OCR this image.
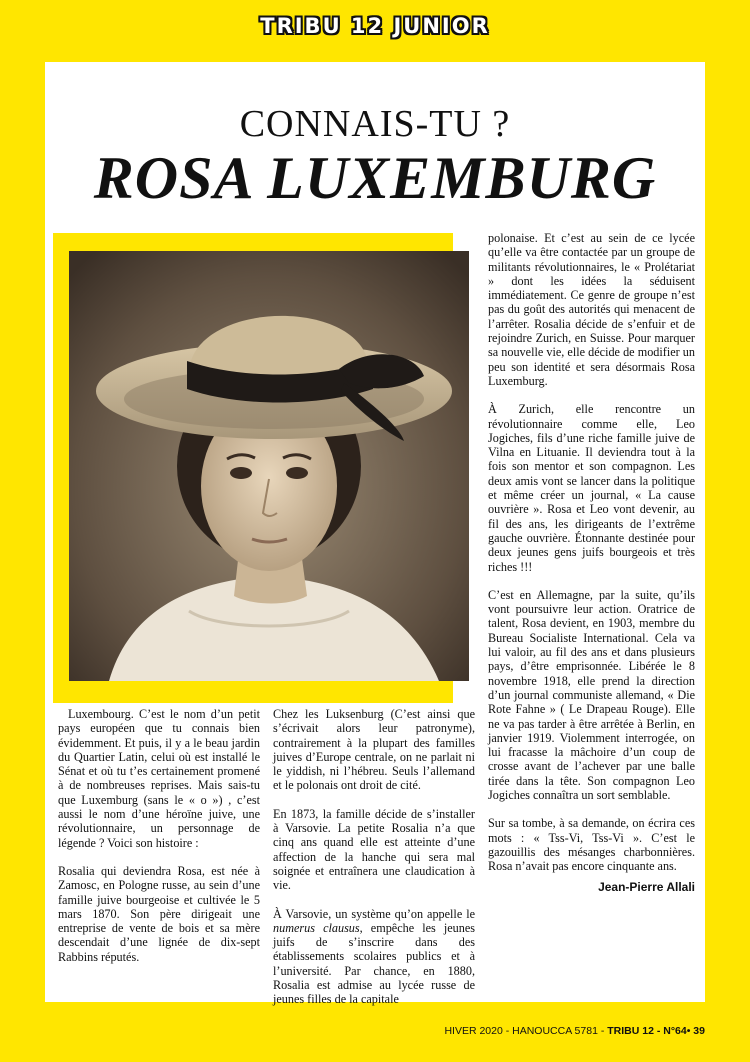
TRIBU 12 JUNIOR
CONNAIS-TU ?
ROSA LUXEMBURG

Luxembourg. C’est le nom d’un petit pays européen que tu connais bien évidemment. Et puis, il y a le beau jardin du Quartier Latin, celui où est installé le Sénat et où tu t’es certainement promené à de nombreuses reprises. Mais sais-tu que Luxemburg (sans le « o ») , c’est aussi le nom d’une héroïne juive, une révolutionnaire, un personnage de légende ? Voici son histoire :

Rosalia qui deviendra Rosa, est née à Zamosc, en Pologne russe, au sein d’une famille juive bourgeoise et cultivée le 5 mars 1870. Son père dirigeait une entreprise de vente de bois et sa mère descendait d’une lignée de dix-sept Rabbins réputés.

Chez les Luksenburg (C’est ainsi que s’écrivait alors leur patronyme), contrairement à la plupart des familles juives d’Europe centrale, on ne parlait ni le yiddish, ni l’hébreu. Seuls l’allemand et le polonais ont droit de cité.

En 1873, la famille décide de s’installer à Varsovie. La petite Rosalia n’a que cinq ans quand elle est atteinte d’une affection de la hanche qui sera mal soignée et entraînera une claudication à vie.

À Varsovie, un système qu’on appelle le numerus clausus, empêche les jeunes juifs de s’inscrire dans des établissements scolaires publics et à l’université. Par chance, en 1880, Rosalia est admise au lycée russe de jeunes filles de la capitale

polonaise. Et c’est au sein de ce lycée qu’elle va être contactée par un groupe de militants révolutionnaires, le « Prolétariat » dont les idées la séduisent immédiatement. Ce genre de groupe n’est pas du goût des autorités qui menacent de l’arrêter. Rosalia décide de s’enfuir et de rejoindre Zurich, en Suisse. Pour marquer sa nouvelle vie, elle décide de modifier un peu son identité et sera désormais Rosa Luxemburg.

À Zurich, elle rencontre un révolutionnaire comme elle, Leo Jogiches, fils d’une riche famille juive de Vilna en Lituanie. Il deviendra tout à la fois son mentor et son compagnon. Les deux amis vont se lancer dans la politique et même créer un journal, « La cause ouvrière ». Rosa et Leo vont devenir, au fil des ans, les dirigeants de l’extrême gauche ouvrière. Étonnante destinée pour deux jeunes gens juifs bourgeois et très riches !!!

C’est en Allemagne, par la suite, qu’ils vont poursuivre leur action. Oratrice de talent, Rosa devient, en 1903, membre du Bureau Socialiste International. Cela va lui valoir, au fil des ans et dans plusieurs pays, d’être emprisonnée. Libérée le 8 novembre 1918, elle prend la direction d’un journal communiste allemand, « Die Rote Fahne » ( Le Drapeau Rouge). Elle ne va pas tarder à être arrêtée à Berlin, en janvier 1919. Violemment interrogée, on lui fracasse la mâchoire d’un coup de crosse avant de l’achever par une balle tirée dans la tête. Son compagnon Leo Jogiches connaîtra un sort semblable.

Sur sa tombe, à sa demande, on écrira ces mots : « Tss-Vi, Tss-Vi ». C’est le gazouillis des mésanges charbonnières. Rosa n’avait pas encore cinquante ans.

Jean-Pierre Allali
HIVER 2020 - HANOUCCA 5781 - TRIBU 12 - N°64• 39
